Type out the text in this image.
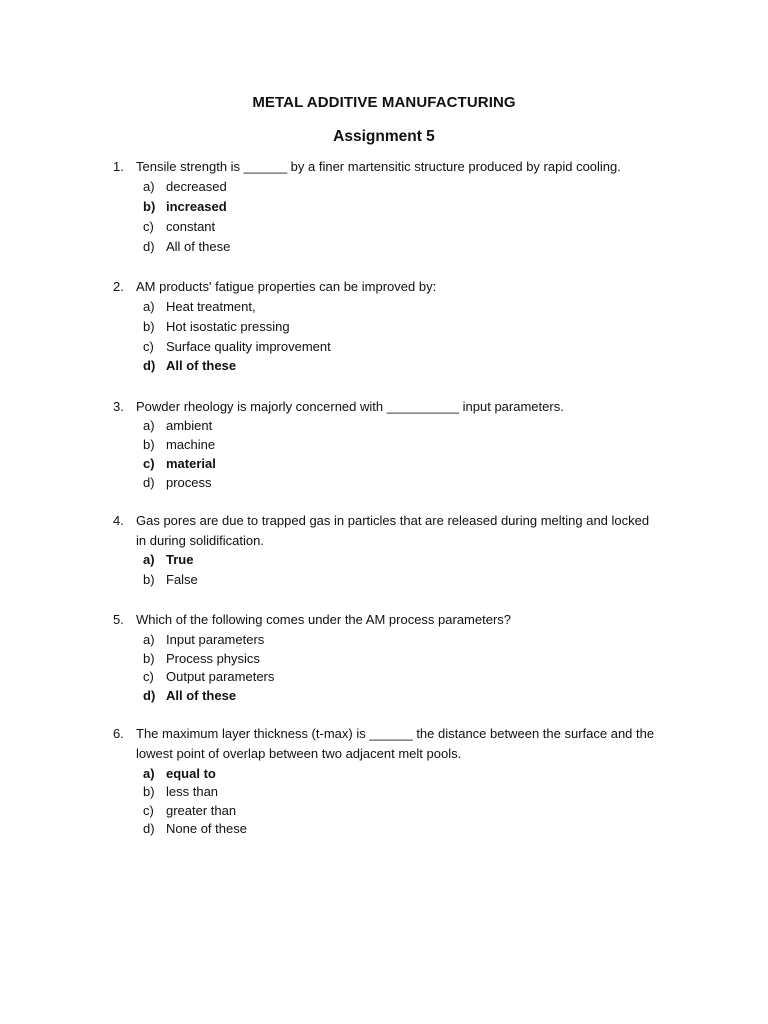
METAL ADDITIVE MANUFACTURING
Assignment 5
1. Tensile strength is ______ by a finer martensitic structure produced by rapid cooling.
a) decreased
b) increased
c) constant
d) All of these
2. AM products' fatigue properties can be improved by:
a) Heat treatment,
b) Hot isostatic pressing
c) Surface quality improvement
d) All of these
3. Powder rheology is majorly concerned with __________ input parameters.
a) ambient
b) machine
c) material
d) process
4. Gas pores are due to trapped gas in particles that are released during melting and locked in during solidification.
a) True
b) False
5. Which of the following comes under the AM process parameters?
a) Input parameters
b) Process physics
c) Output parameters
d) All of these
6. The maximum layer thickness (t-max) is ______ the distance between the surface and the lowest point of overlap between two adjacent melt pools.
a) equal to
b) less than
c) greater than
d) None of these
